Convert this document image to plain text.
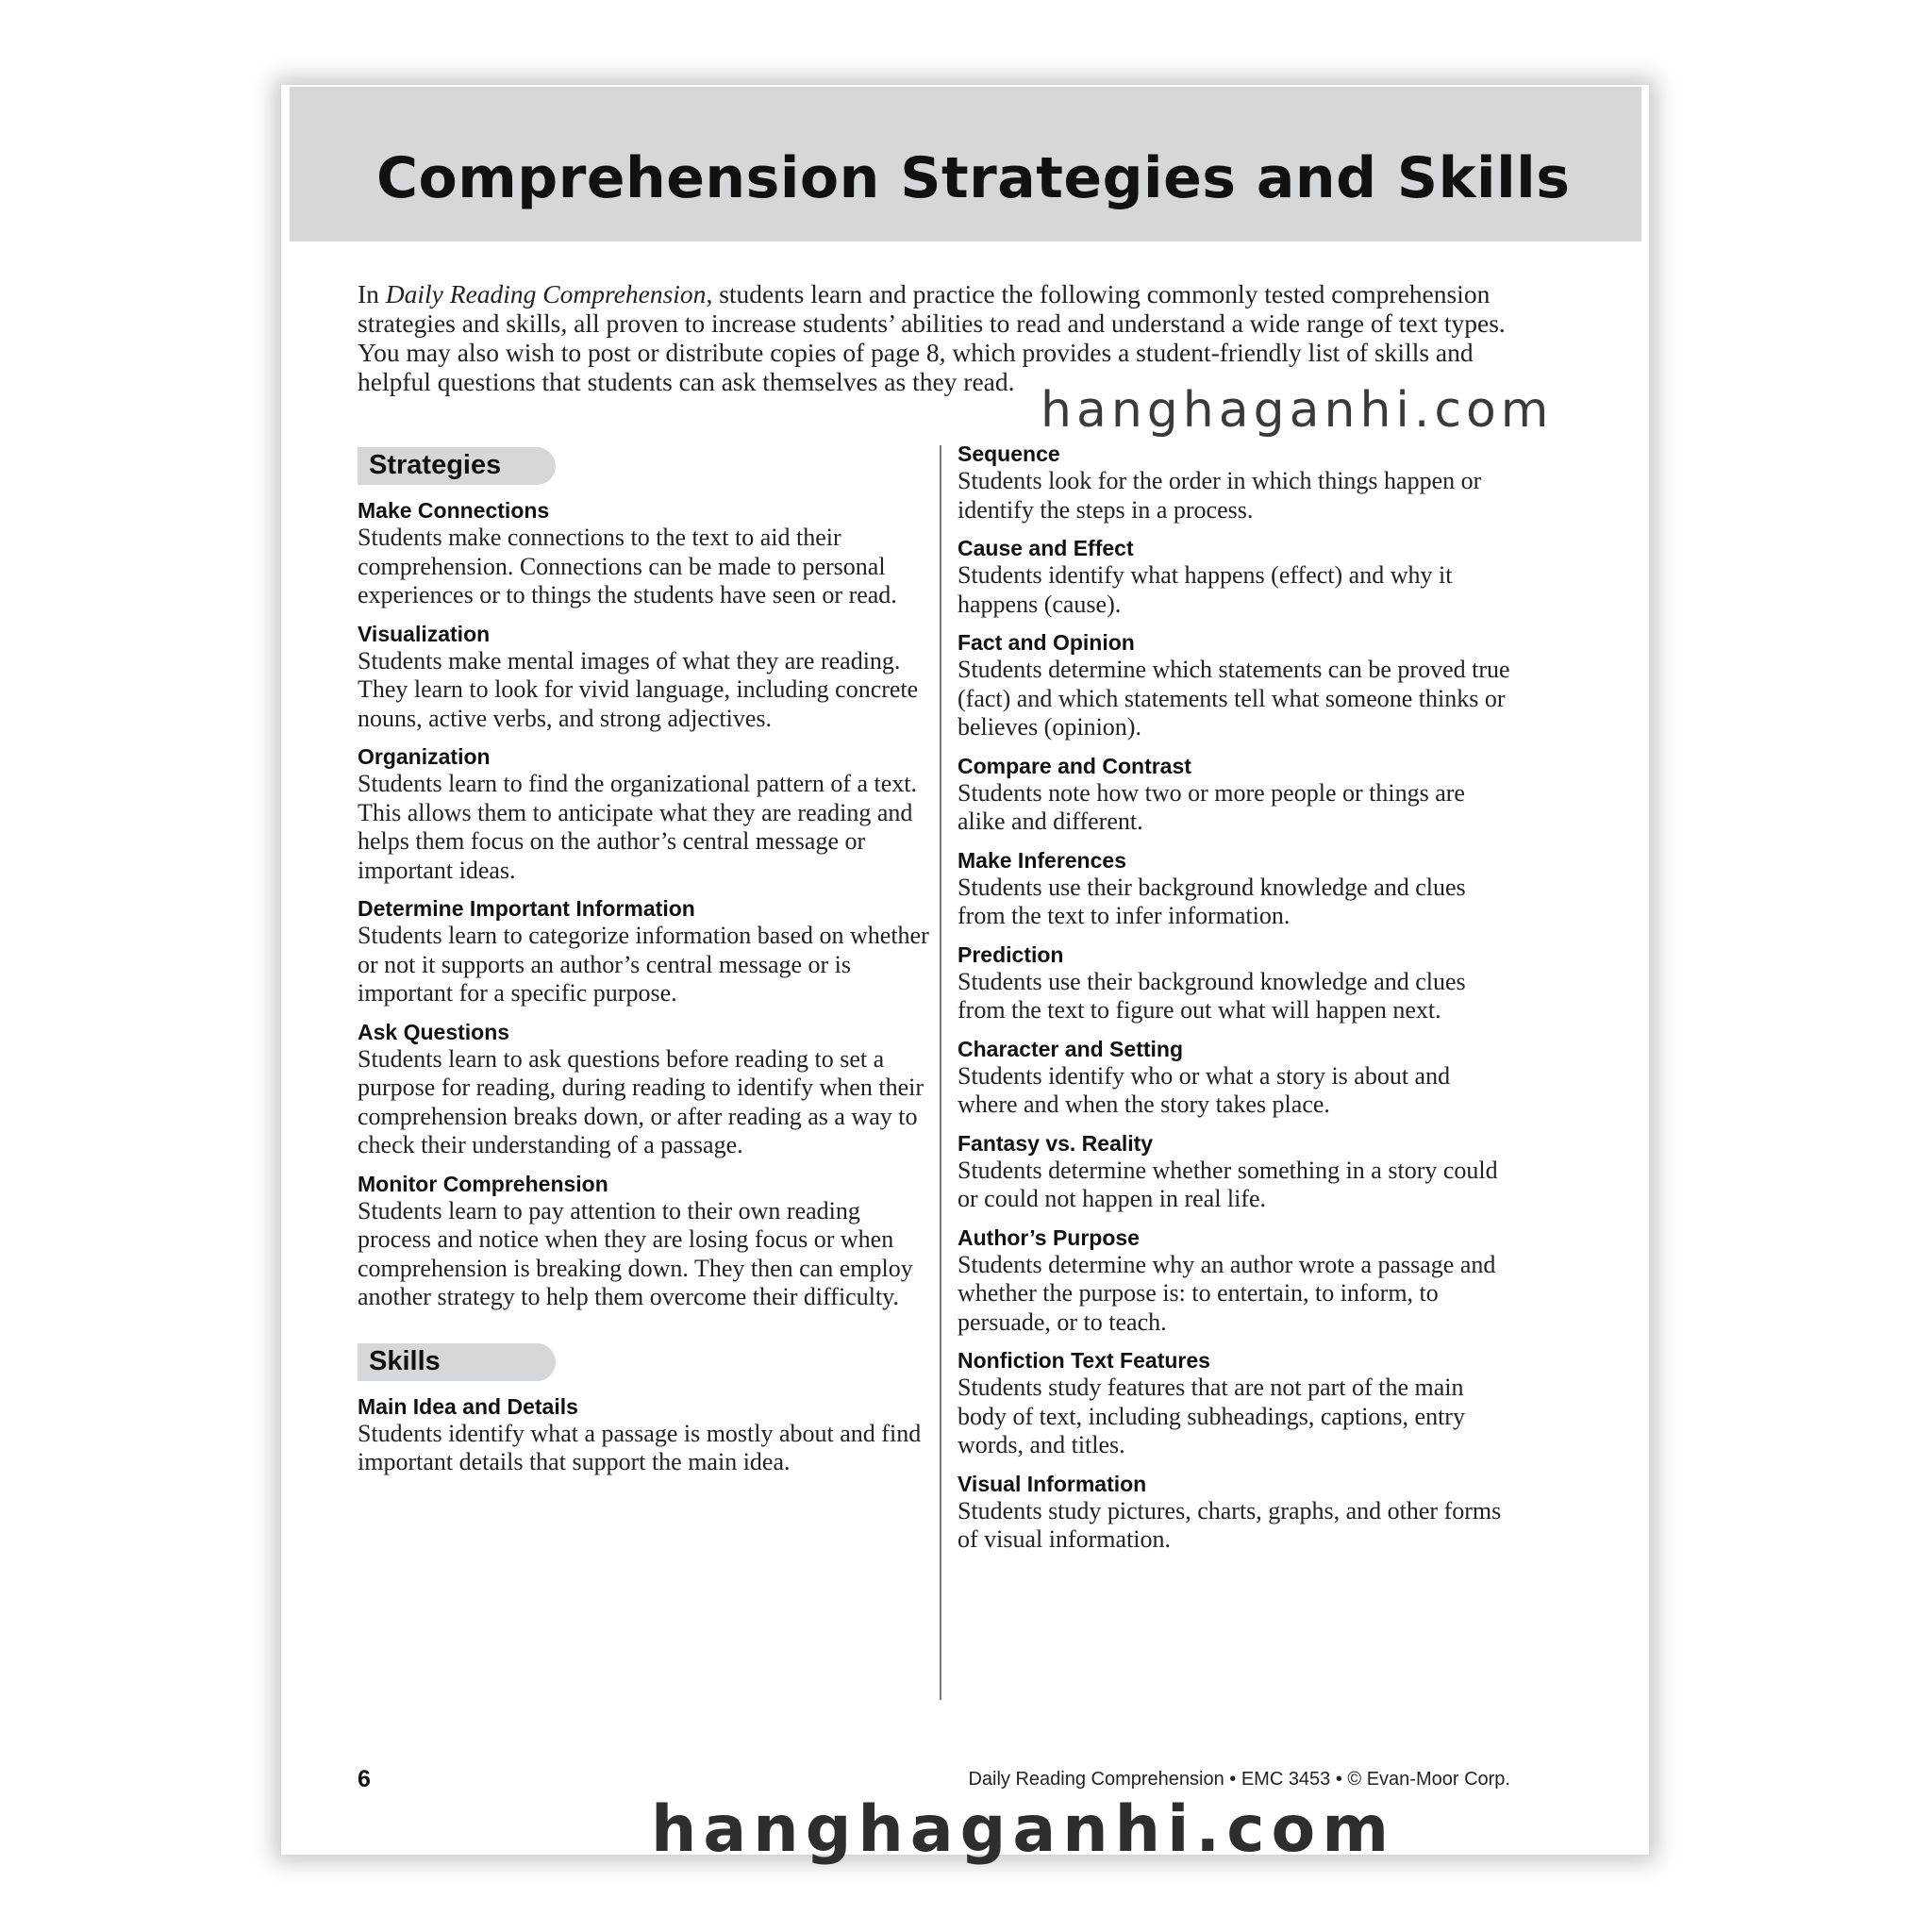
Comprehension Strategies and Skills

In Daily Reading Comprehension, students learn and practice the following commonly tested comprehension strategies and skills, all proven to increase students’ abilities to read and understand a wide range of text types. You may also wish to post or distribute copies of page 8, which provides a student-friendly list of skills and helpful questions that students can ask themselves as they read.

Strategies
Make Connections
Students make connections to the text to aid their comprehension. Connections can be made to personal experiences or to things the students have seen or read.
Visualization
Students make mental images of what they are reading. They learn to look for vivid language, including concrete nouns, active verbs, and strong adjectives.
Organization
Students learn to find the organizational pattern of a text. This allows them to anticipate what they are reading and helps them focus on the author’s central message or important ideas.
Determine Important Information
Students learn to categorize information based on whether or not it supports an author’s central message or is important for a specific purpose.
Ask Questions
Students learn to ask questions before reading to set a purpose for reading, during reading to identify when their comprehension breaks down, or after reading as a way to check their understanding of a passage.
Monitor Comprehension
Students learn to pay attention to their own reading process and notice when they are losing focus or when comprehension is breaking down. They then can employ another strategy to help them overcome their difficulty.
Skills
Main Idea and Details
Students identify what a passage is mostly about and find important details that support the main idea.
Sequence
Students look for the order in which things happen or identify the steps in a process.
Cause and Effect
Students identify what happens (effect) and why it happens (cause).
Fact and Opinion
Students determine which statements can be proved true (fact) and which statements tell what someone thinks or believes (opinion).
Compare and Contrast
Students note how two or more people or things are alike and different.
Make Inferences
Students use their background knowledge and clues from the text to infer information.
Prediction
Students use their background knowledge and clues from the text to figure out what will happen next.
Character and Setting
Students identify who or what a story is about and where and when the story takes place.
Fantasy vs. Reality
Students determine whether something in a story could or could not happen in real life.
Author’s Purpose
Students determine why an author wrote a passage and whether the purpose is: to entertain, to inform, to persuade, or to teach.
Nonfiction Text Features
Students study features that are not part of the main body of text, including subheadings, captions, entry words, and titles.
Visual Information
Students study pictures, charts, graphs, and other forms of visual information.
6	Daily Reading Comprehension • EMC 3453 • © Evan-Moor Corp.
hanghaganhi.com
hanghaganhi.com
